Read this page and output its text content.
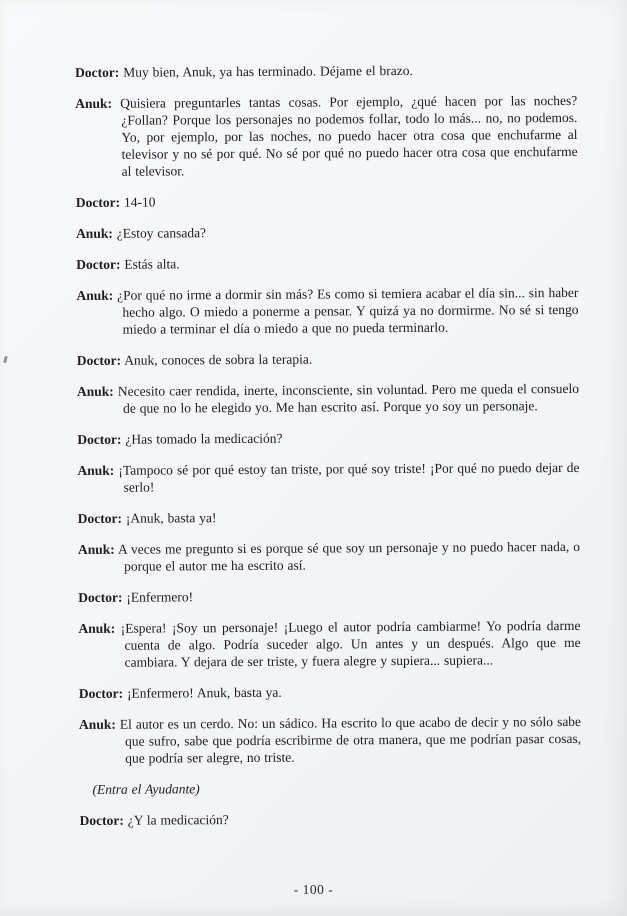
Doctor: Muy bien, Anuk, ya has terminado. Déjame el brazo.

Anuk: Quisiera preguntarles tantas cosas. Por ejemplo, ¿qué hacen por las noches? ¿Follan? Porque los personajes no podemos follar, todo lo más... no, no podemos. Yo, por ejemplo, por las noches, no puedo hacer otra cosa que enchufarme al televisor y no sé por qué. No sé por qué no puedo hacer otra cosa que enchufarme al televisor.

Doctor: 14-10

Anuk: ¿Estoy cansada?

Doctor: Estás alta.

Anuk: ¿Por qué no irme a dormir sin más? Es como si temiera acabar el día sin... sin haber hecho algo. O miedo a ponerme a pensar. Y quizá ya no dormirme. No sé si tengo miedo a terminar el día o miedo a que no pueda terminarlo.

Doctor: Anuk, conoces de sobra la terapia.

Anuk: Necesito caer rendida, inerte, inconsciente, sin voluntad. Pero me queda el consuelo de que no lo he elegido yo. Me han escrito así. Porque yo soy un personaje.

Doctor: ¿Has tomado la medicación?

Anuk: ¡Tampoco sé por qué estoy tan triste, por qué soy triste! ¡Por qué no puedo dejar de serlo!

Doctor: ¡Anuk, basta ya!

Anuk: A veces me pregunto si es porque sé que soy un personaje y no puedo hacer nada, o porque el autor me ha escrito así.

Doctor: ¡Enfermero!

Anuk: ¡Espera! ¡Soy un personaje! ¡Luego el autor podría cambiarme! Yo podría darme cuenta de algo. Podría suceder algo. Un antes y un después. Algo que me cambiara. Y dejara de ser triste, y fuera alegre y supiera... supiera...

Doctor: ¡Enfermero! Anuk, basta ya.

Anuk: El autor es un cerdo. No: un sádico. Ha escrito lo que acabo de decir y no sólo sabe que sufro, sabe que podría escribirme de otra manera, que me podrían pasar cosas, que podría ser alegre, no triste.

(Entra el Ayudante)

Doctor: ¿Y la medicación?

- 100 -
